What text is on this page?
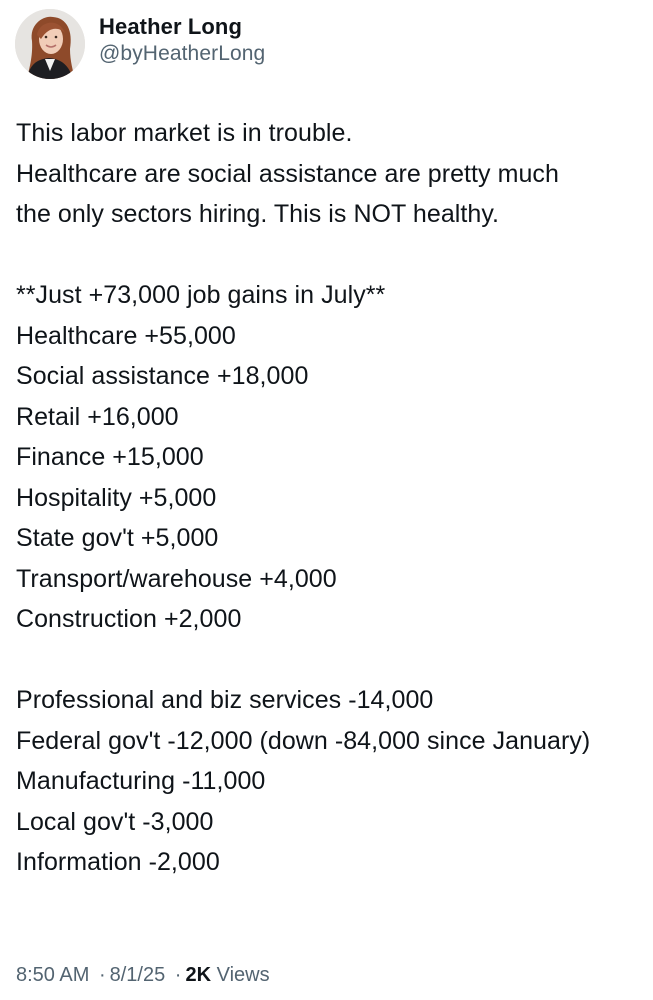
Heather Long
@byHeatherLong
This labor market is in trouble.
Healthcare are social assistance are pretty much
the only sectors hiring. This is NOT healthy.
**Just +73,000 job gains in July**
Healthcare +55,000
Social assistance +18,000
Retail +16,000
Finance +15,000
Hospitality +5,000
State gov't +5,000
Transport/warehouse +4,000
Construction +2,000
Professional and biz services -14,000
Federal gov't -12,000 (down -84,000 since January)
Manufacturing -11,000
Local gov't -3,000
Information -2,000
8:50 AM · 8/1/25 · 2K Views
